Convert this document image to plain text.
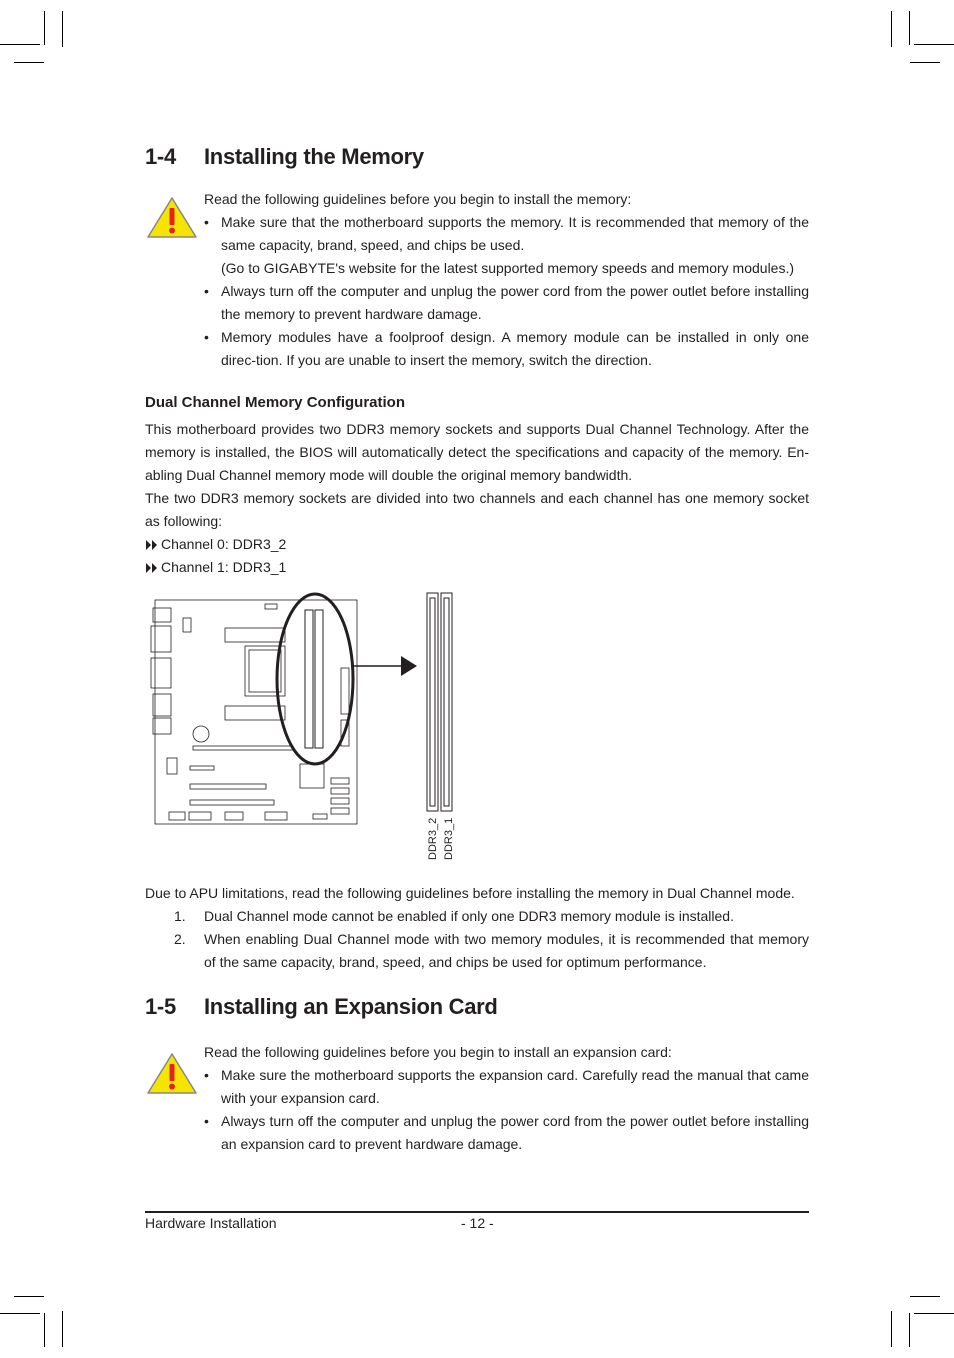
1-4 Installing the Memory
Read the following guidelines before you begin to install the memory:
• Make sure that the motherboard supports the memory. It is recommended that memory of the same capacity, brand, speed, and chips be used.
(Go to GIGABYTE's website for the latest supported memory speeds and memory modules.)
• Always turn off the computer and unplug the power cord from the power outlet before installing the memory to prevent hardware damage.
• Memory modules have a foolproof design. A memory module can be installed in only one direc-tion. If you are unable to insert the memory, switch the direction.
Dual Channel Memory Configuration
This motherboard provides two DDR3 memory sockets and supports Dual Channel Technology. After the memory is installed, the BIOS will automatically detect the specifications and capacity of the memory. En-abling Dual Channel memory mode will double the original memory bandwidth.
The two DDR3 memory sockets are divided into two channels and each channel has one memory socket as following:
Channel 0: DDR3_2
Channel 1: DDR3_1
DDR3_2 DDR3_1
Due to APU limitations, read the following guidelines before installing the memory in Dual Channel mode.
1. Dual Channel mode cannot be enabled if only one DDR3 memory module is installed.
2. When enabling Dual Channel mode with two memory modules, it is recommended that memory of the same capacity, brand, speed, and chips be used for optimum performance.
1-5 Installing an Expansion Card
Read the following guidelines before you begin to install an expansion card:
• Make sure the motherboard supports the expansion card. Carefully read the manual that came with your expansion card.
• Always turn off the computer and unplug the power cord from the power outlet before installing an expansion card to prevent hardware damage.
Hardware Installation	- 12 -
